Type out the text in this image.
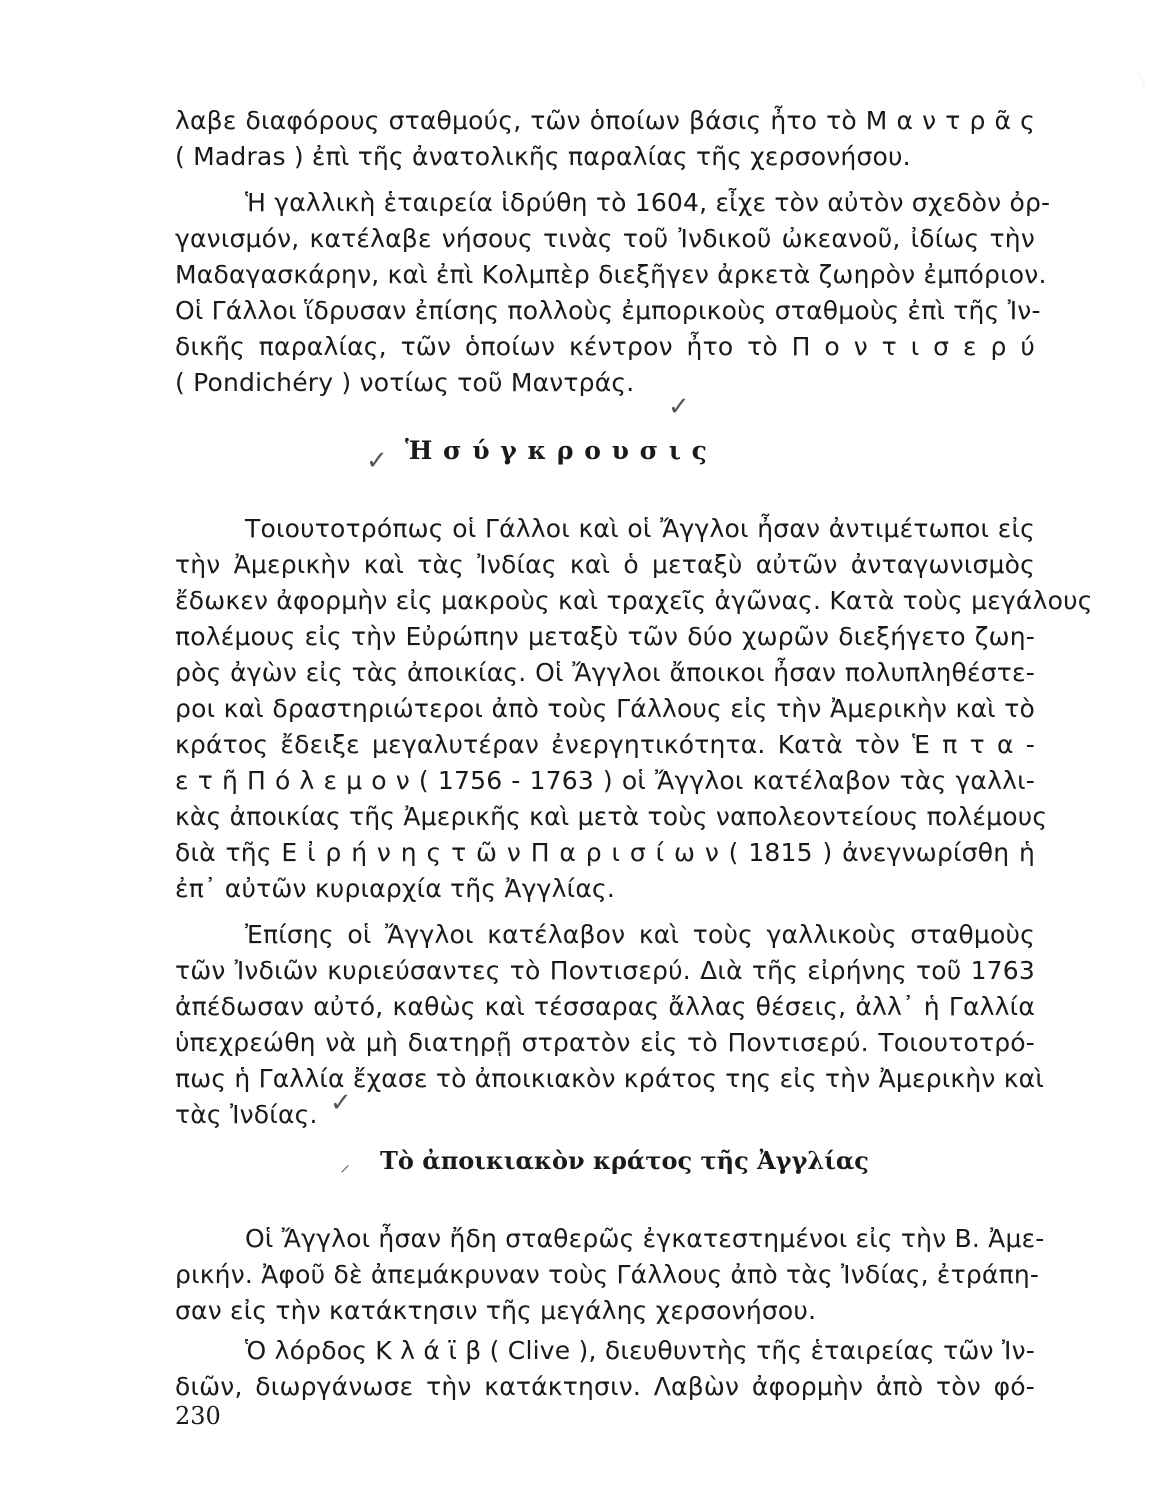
λαβε διαφόρους σταθμούς, τῶν ὁποίων βάσις ἦτο τὸ Μ α ν τ ρ ᾶ ς
( Madras ) ἐπὶ τῆς ἀνατολικῆς παραλίας τῆς χερσονήσου.
Ἡ γαλλικὴ ἑταιρεία ἱδρύθη τὸ 1604, εἶχε τὸν αὐτὸν σχεδὸν ὀρ-
γανισμόν, κατέλαβε νήσους τινὰς τοῦ Ἰνδικοῦ ὠκεανοῦ, ἰδίως τὴν
Μαδαγασκάρην, καὶ ἐπὶ Κολμπὲρ διεξῆγεν ἀρκετὰ ζωηρὸν ἐμπόριον.
Οἱ Γάλλοι ἵδρυσαν ἐπίσης πολλοὺς ἐμπορικοὺς σταθμοὺς ἐπὶ τῆς Ἰν-
δικῆς παραλίας, τῶν ὁποίων κέντρον ἦτο τὸ Π ο ν τ ι σ ε ρ ύ
( Pondichéry ) νοτίως τοῦ Μαντράς.
✓
Ἡ σ ύ γ κ ρ ο υ σ ι ς
✓
Τοιουτοτρόπως οἱ Γάλλοι καὶ οἱ Ἄγγλοι ἦσαν ἀντιμέτωποι εἰς
τὴν Ἀμερικὴν καὶ τὰς Ἰνδίας καὶ ὁ μεταξὺ αὐτῶν ἀνταγωνισμὸς
ἔδωκεν ἀφορμὴν εἰς μακροὺς καὶ τραχεῖς ἀγῶνας. Κατὰ τοὺς μεγάλους
πολέμους εἰς τὴν Εὐρώπην μεταξὺ τῶν δύο χωρῶν διεξήγετο ζωη-
ρὸς ἀγὼν εἰς τὰς ἀποικίας. Οἱ Ἄγγλοι ἄποικοι ἦσαν πολυπληθέστε-
ροι καὶ δραστηριώτεροι ἀπὸ τοὺς Γάλλους εἰς τὴν Ἀμερικὴν καὶ τὸ
κράτος ἔδειξε μεγαλυτέραν ἐνεργητικότητα. Κατὰ τὸν Ἑ π τ α -
ε τ ῆ Π ό λ ε μ ο ν ( 1756 - 1763 ) οἱ Ἄγγλοι κατέλαβον τὰς γαλλι-
κὰς ἀποικίας τῆς Ἀμερικῆς καὶ μετὰ τοὺς ναπολεοντείους πολέμους
διὰ τῆς Ε ἰ ρ ή ν η ς τ ῶ ν Π α ρ ι σ ί ω ν ( 1815 ) ἀνεγνωρίσθη ἡ
ἐπ᾽ αὐτῶν κυριαρχία τῆς Ἀγγλίας.
Ἐπίσης οἱ Ἄγγλοι κατέλαβον καὶ τοὺς γαλλικοὺς σταθμοὺς
τῶν Ἰνδιῶν κυριεύσαντες τὸ Ποντισερύ. Διὰ τῆς εἰρήνης τοῦ 1763
ἀπέδωσαν αὐτό, καθὼς καὶ τέσσαρας ἄλλας θέσεις, ἀλλ᾽ ἡ Γαλλία
ὑπεχρεώθη νὰ μὴ διατηρῇ στρατὸν εἰς τὸ Ποντισερύ. Τοιουτοτρό-
πως ἡ Γαλλία ἔχασε τὸ ἀποικιακὸν κράτος της εἰς τὴν Ἀμερικὴν καὶ
τὰς Ἰνδίας. ✓
Τὸ ἀποικιακὸν κράτος τῆς Ἀγγλίας
⸝
Οἱ Ἄγγλοι ἦσαν ἤδη σταθερῶς ἐγκατεστημένοι εἰς τὴν Β. Ἀμε-
ρικήν. Ἀφοῦ δὲ ἀπεμάκρυναν τοὺς Γάλλους ἀπὸ τὰς Ἰνδίας, ἐτράπη-
σαν εἰς τὴν κατάκτησιν τῆς μεγάλης χερσονήσου.
Ὁ λόρδος Κ λ ά ϊ β ( Clive ), διευθυντὴς τῆς ἑταιρείας τῶν Ἰν-
διῶν, διωργάνωσε τὴν κατάκτησιν. Λαβὼν ἀφορμὴν ἀπὸ τὸν φό-
230
